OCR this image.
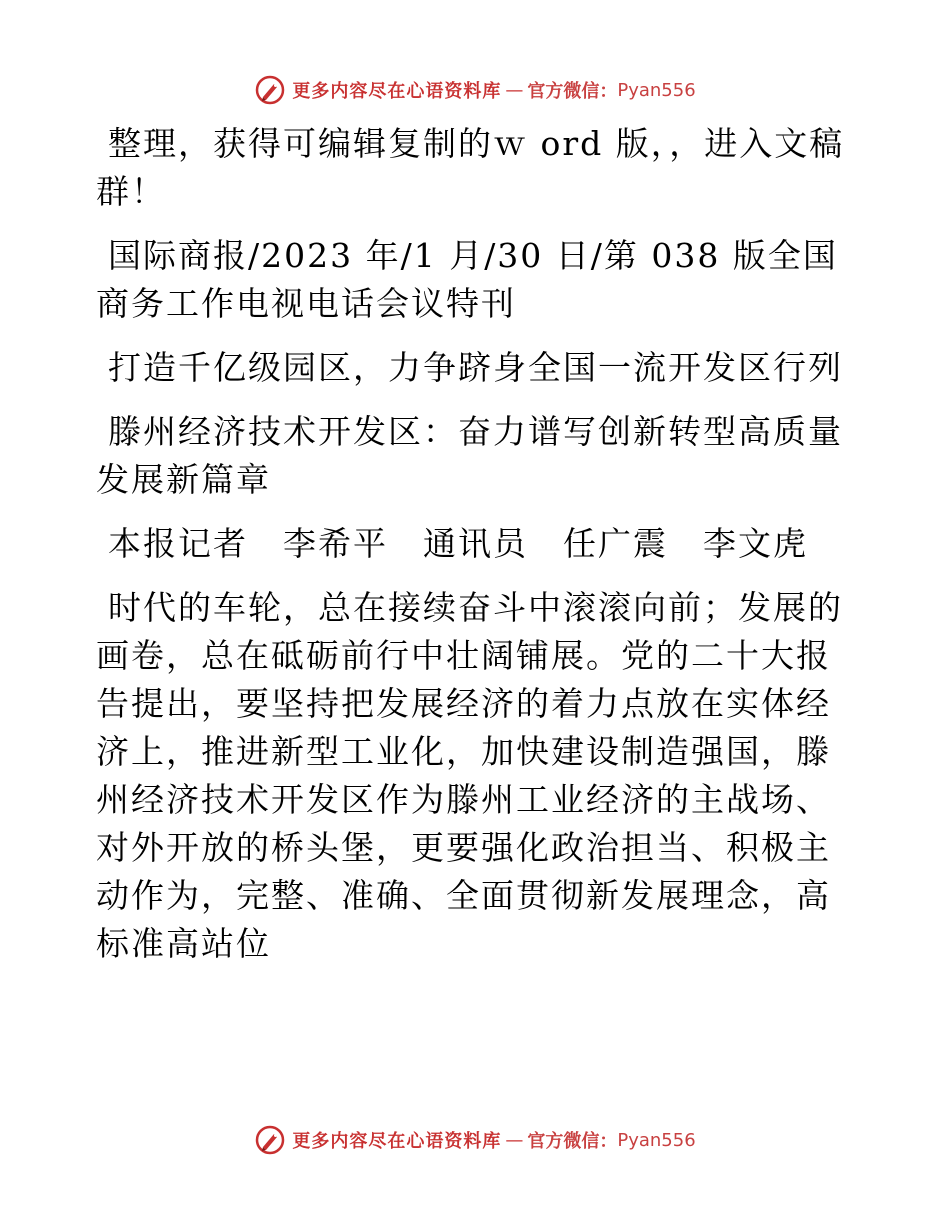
更多内容尽在心语资料库 — 官方微信： Pyan556

整理，获得可编辑复制的ｗ ord 版，，进入文稿群！

国际商报/2023 年/1 月/30 日/第 038 版全国商务工作电视电话会议特刊

打造千亿级园区，力争跻身全国一流开发区行列

滕州经济技术开发区：奋力谱写创新转型高质量发展新篇章

本报记者　李希平　通讯员　任广震　李文虎

时代的车轮，总在接续奋斗中滚滚向前；发展的画卷，总在砥砺前行中壮阔铺展。党的二十大报告提出，要坚持把发展经济的着力点放在实体经济上，推进新型工业化，加快建设制造强国，滕州经济技术开发区作为滕州工业经济的主战场、对外开放的桥头堡，更要强化政治担当、积极主动作为，完整、准确、全面贯彻新发展理念，高标准高站位

更多内容尽在心语资料库 — 官方微信： Pyan556
